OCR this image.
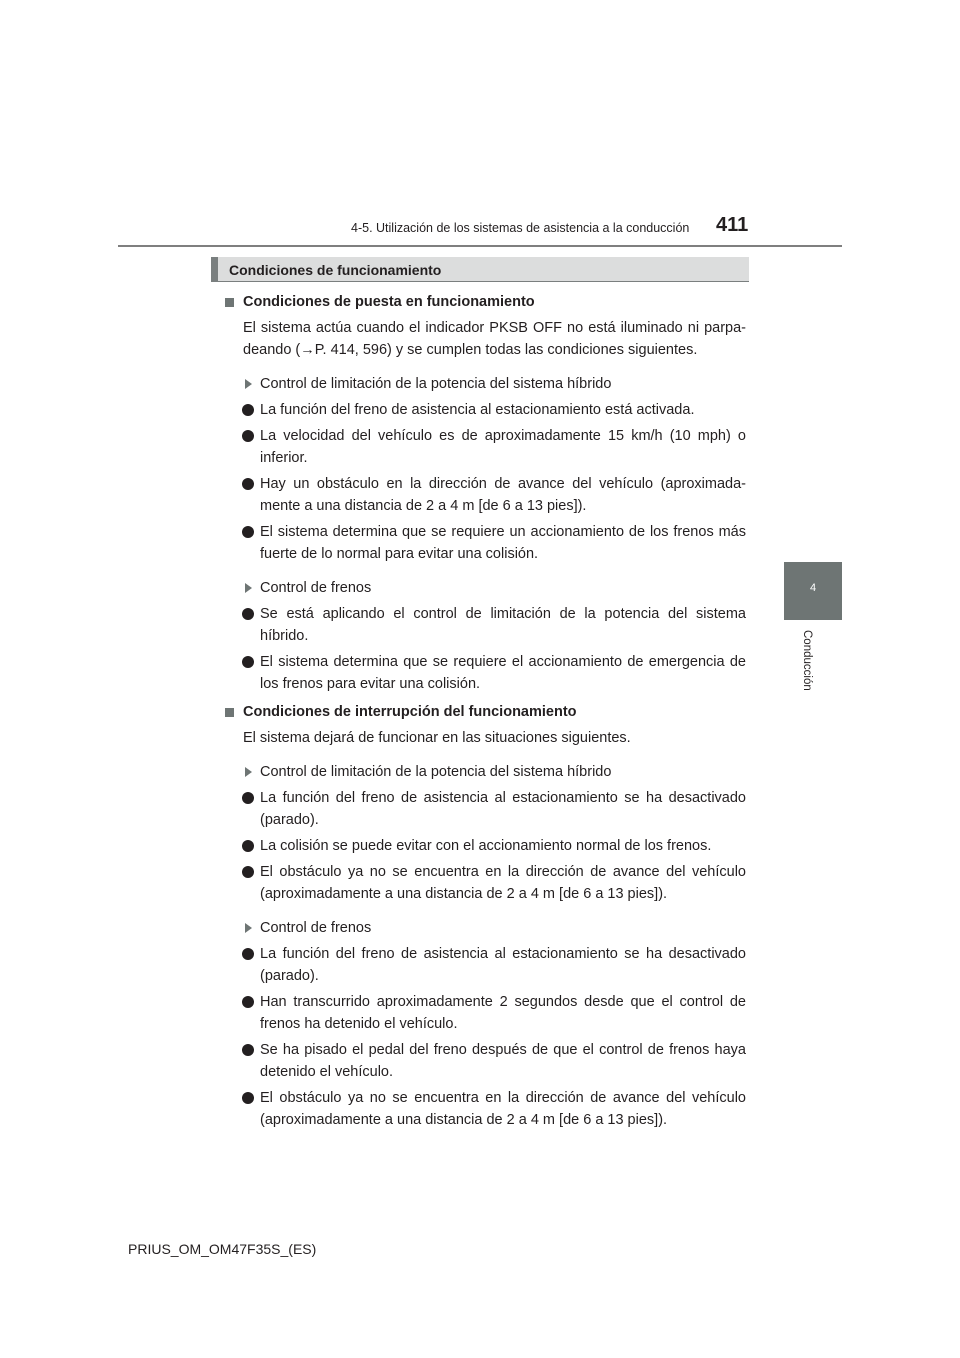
4-5. Utilización de los sistemas de asistencia a la conducción	411
4
Conducción
Condiciones de funcionamiento
Condiciones de puesta en funcionamiento
El sistema actúa cuando el indicador PKSB OFF no está iluminado ni parpa-deando (→P. 414, 596) y se cumplen todas las condiciones siguientes.
Control de limitación de la potencia del sistema híbrido
La función del freno de asistencia al estacionamiento está activada.
La velocidad del vehículo es de aproximadamente 15 km/h (10 mph) o inferior.
Hay un obstáculo en la dirección de avance del vehículo (aproximada-mente a una distancia de 2 a 4 m [de 6 a 13 pies]).
El sistema determina que se requiere un accionamiento de los frenos más fuerte de lo normal para evitar una colisión.
Control de frenos
Se está aplicando el control de limitación de la potencia del sistema híbrido.
El sistema determina que se requiere el accionamiento de emergencia de los frenos para evitar una colisión.
Condiciones de interrupción del funcionamiento
El sistema dejará de funcionar en las situaciones siguientes.
Control de limitación de la potencia del sistema híbrido
La función del freno de asistencia al estacionamiento se ha desactivado (parado).
La colisión se puede evitar con el accionamiento normal de los frenos.
El obstáculo ya no se encuentra en la dirección de avance del vehículo (aproximadamente a una distancia de 2 a 4 m [de 6 a 13 pies]).
Control de frenos
La función del freno de asistencia al estacionamiento se ha desactivado (parado).
Han transcurrido aproximadamente 2 segundos desde que el control de frenos ha detenido el vehículo.
Se ha pisado el pedal del freno después de que el control de frenos haya detenido el vehículo.
El obstáculo ya no se encuentra en la dirección de avance del vehículo (aproximadamente a una distancia de 2 a 4 m [de 6 a 13 pies]).
PRIUS_OM_OM47F35S_(ES)
